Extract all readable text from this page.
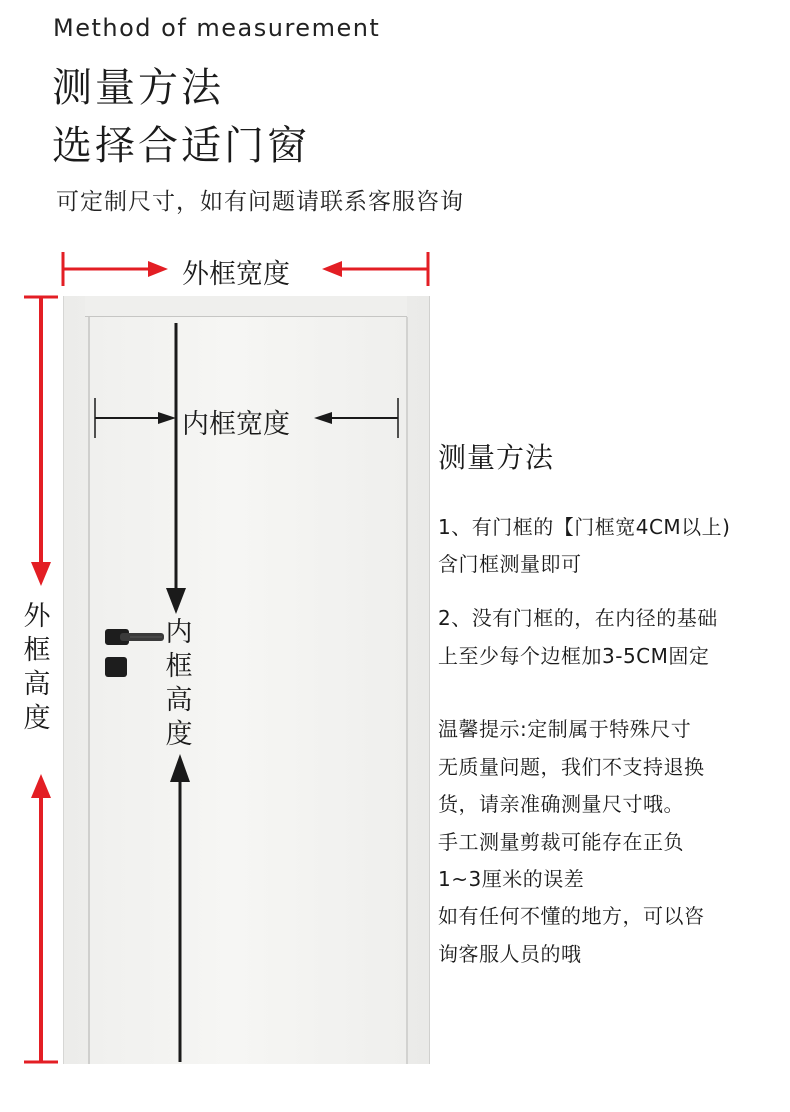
Method of measurement
测量方法
选择合适门窗
可定制尺寸，如有问题请联系客服咨询
外框宽度
内框宽度
外
框
高
度
内
框
高
度
测量方法
1、有门框的【门框宽4CM以上)
含门框测量即可
2、没有门框的，在内径的基础
上至少每个边框加3-5CM固定
温馨提示:定制属于特殊尺寸
无质量问题，我们不支持退换
货，请亲准确测量尺寸哦。
手工测量剪裁可能存在正负
1~3厘米的误差
如有任何不懂的地方，可以咨
询客服人员的哦
